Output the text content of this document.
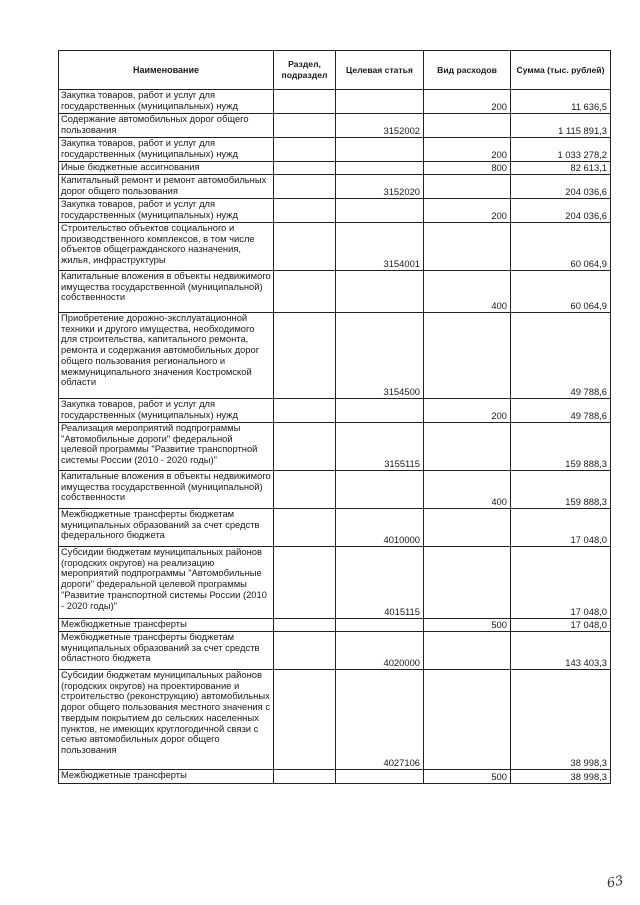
Наименование	Раздел, подраздел	Целевая статья	Вид расходов	Сумма (тыс. рублей)
Закупка товаров, работ и услуг для государственных (муниципальных) нужд			200	11 636,5
Содержание автомобильных дорог общего пользования		3152002		1 115 891,3
Закупка товаров, работ и услуг для государственных (муниципальных) нужд			200	1 033 278,2
Иные бюджетные ассигнования			800	82 613,1
Капитальный ремонт и ремонт автомобильных дорог общего пользования		3152020		204 036,6
Закупка товаров, работ и услуг для государственных (муниципальных) нужд			200	204 036,6
Строительство объектов социального и производственного комплексов, в том числе объектов общегражданского назначения, жилья, инфраструктуры		3154001		60 064,9
Капитальные вложения в объекты недвижимого имущества государственной (муниципальной) собственности			400	60 064,9
Приобретение дорожно-эксплуатационной техники и другого имущества, необходимого для строительства, капитального ремонта, ремонта и содержания автомобильных дорог общего пользования регионального и межмуниципального значения Костромской области		3154500		49 788,6
Закупка товаров, работ и услуг для государственных (муниципальных) нужд			200	49 788,6
Реализация мероприятий подпрограммы "Автомобильные дороги" федеральной целевой программы "Развитие транспортной системы России (2010 - 2020 годы)"		3155115		159 888,3
Капитальные вложения в объекты недвижимого имущества государственной (муниципальной) собственности			400	159 888,3
Межбюджетные трансферты бюджетам муниципальных образований за счет средств федерального бюджета		4010000		17 048,0
Субсидии бюджетам муниципальных районов (городских округов) на реализацию мероприятий подпрограммы "Автомобильные дороги" федеральной целевой программы "Развитие транспортной системы России (2010 - 2020 годы)"		4015115		17 048,0
Межбюджетные трансферты			500	17 048,0
Межбюджетные трансферты бюджетам муниципальных образований за счет средств областного бюджета		4020000		143 403,3
Субсидии бюджетам муниципальных районов (городских округов) на проектирование и строительство (реконструкцию) автомобильных дорог общего пользования местного значения с твердым покрытием до сельских населенных пунктов, не имеющих круглогодичной связи с сетью автомобильных дорог общего пользования		4027106		38 998,3
Межбюджетные трансферты			500	38 998,3
63
